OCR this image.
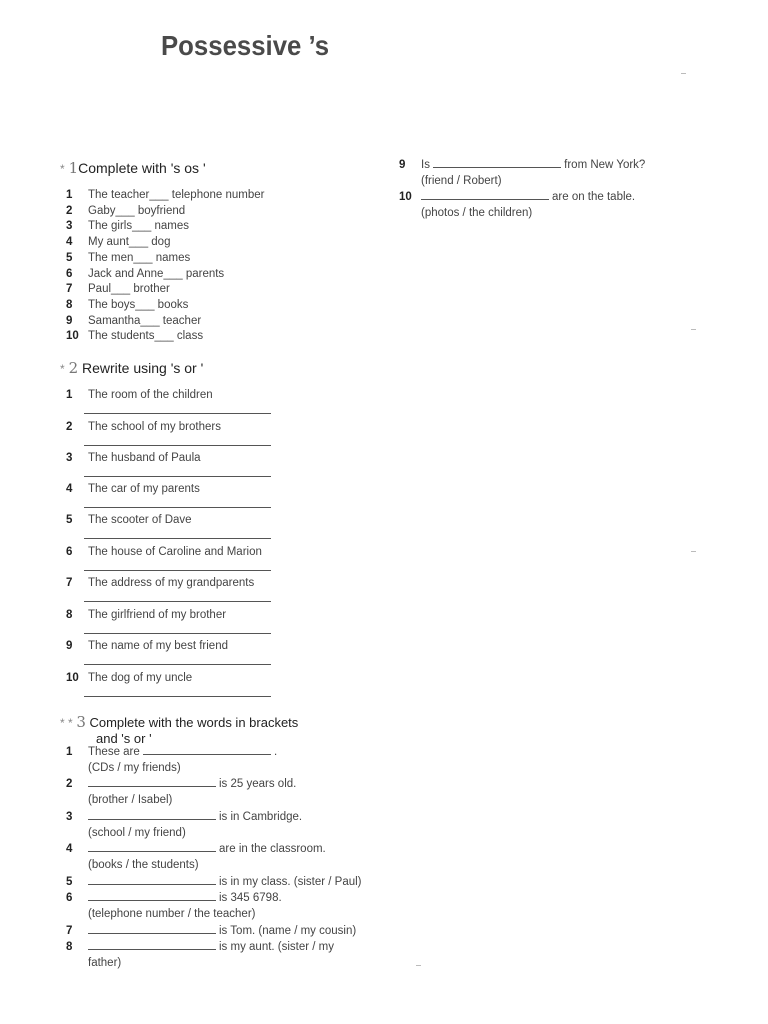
Possessive ’s
* 1Complete with 's os '
1 The teacher___ telephone number
2 Gaby___ boyfriend
3 The girls___ names
4 My aunt___ dog
5 The men___ names
6 Jack and Anne___ parents
7 Paul___ brother
8 The boys___ books
9 Samantha___ teacher
10 The students___ class
* 2 Rewrite using 's or '
* * 3 Complete with the words in brackets
and 's or '
1 These are	.
(CDs / my friends)
2	is 25 years old.
(brother / Isabel)
3	is in Cambridge.
(school / my friend)
4	are in the classroom.
(books / the students)
5	is in my class. (sister / Paul)
6	is 345 6798.
(telephone number / the teacher)
7	is Tom. (name / my cousin)
8	is my aunt. (sister / my
father)
9 Is	from New York?
(friend / Robert)
10	are on the table.
(photos / the children)
1 The room of the children
2 The school of my brothers
3 The husband of Paula
4 The car of my parents
5 The scooter of Dave
6 The house of Caroline and Marion
7 The address of my grandparents
8 The girlfriend of my brother
9 The name of my best friend
10 The dog of my uncle
